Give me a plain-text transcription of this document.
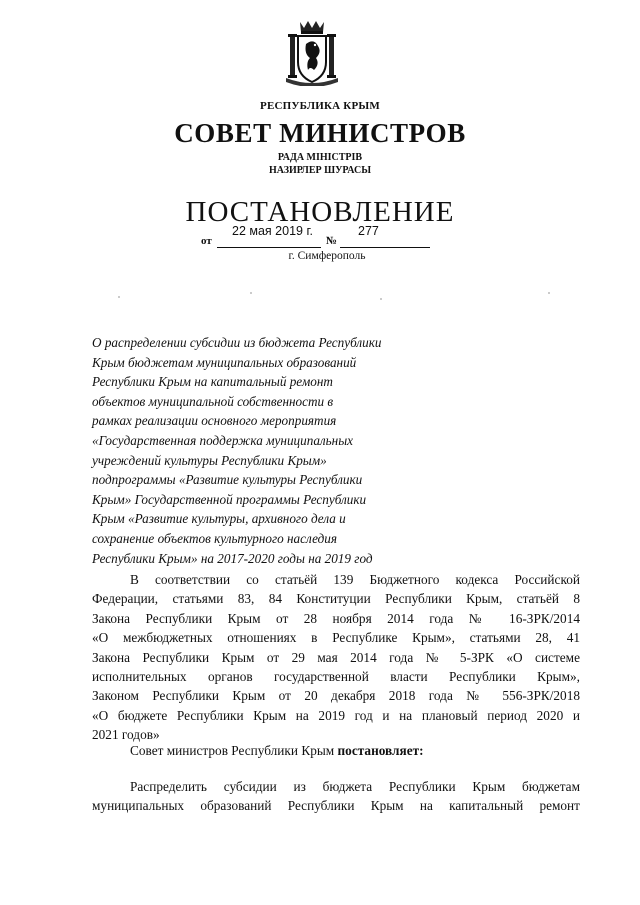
РЕСПУБЛИКА КРЫМ
СОВЕТ МИНИСТРОВ
РАДА МІНІСТРІВ
НАЗИРЛЕР ШУРАСЫ
ПОСТАНОВЛЕНИЕ
22 мая 2019 г.	277
от	№
г. Симферополь
О распределении субсидии из бюджета Республики
Крым бюджетам муниципальных образований
Республики Крым на капитальный ремонт
объектов муниципальной собственности в
рамках реализации основного мероприятия
«Государственная поддержка муниципальных
учреждений культуры Республики Крым»
подпрограммы «Развитие культуры Республики
Крым» Государственной программы Республики
Крым «Развитие культуры, архивного дела и
сохранение объектов культурного наследия
Республики Крым» на 2017-2020 годы на 2019 год
В соответствии со статьёй 139 Бюджетного кодекса Российской
Федерации, статьями 83, 84 Конституции Республики Крым, статьёй 8
Закона Республики Крым от 28 ноября 2014 года № 16-ЗРК/2014
«О межбюджетных отношениях в Республике Крым», статьями 28, 41
Закона Республики Крым от 29 мая 2014 года № 5-ЗРК «О системе
исполнительных органов государственной власти Республики Крым»,
Законом Республики Крым от 20 декабря 2018 года № 556-ЗРК/2018
«О бюджете Республики Крым на 2019 год и на плановый период 2020 и
2021 годов»
Совет министров Республики Крым постановляет:
Распределить субсидии из бюджета Республики Крым бюджетам
муниципальных образований Республики Крым на капитальный ремонт
